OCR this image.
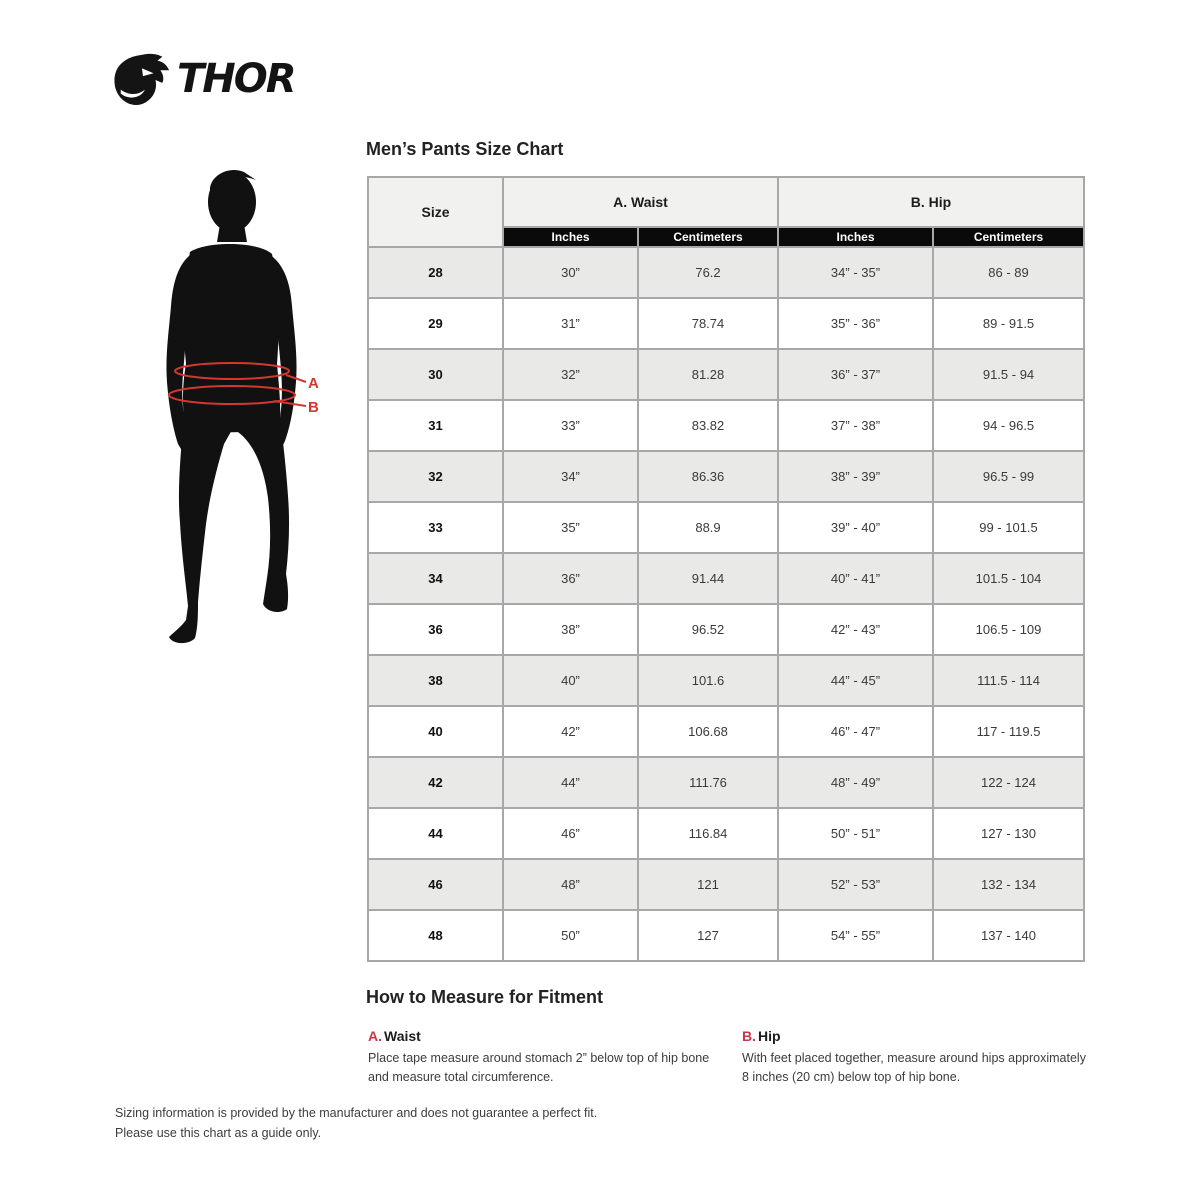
THOR
Men’s Pants Size Chart
A
B
Size	A. Waist		B. Hip	
	Inches	Centimeters	Inches	Centimeters
28	30”	76.2	34” - 35”	86 - 89
29	31”	78.74	35” - 36”	89 - 91.5
30	32”	81.28	36” - 37”	91.5 - 94
31	33”	83.82	37” - 38”	94 - 96.5
32	34”	86.36	38” - 39”	96.5 - 99
33	35”	88.9	39” - 40”	99 - 101.5
34	36”	91.44	40” - 41”	101.5 - 104
36	38”	96.52	42” - 43”	106.5 - 109
38	40”	101.6	44” - 45”	111.5 - 114
40	42”	106.68	46” - 47”	117 - 119.5
42	44”	111.76	48” - 49”	122 - 124
44	46”	116.84	50” - 51”	127 - 130
46	48”	121	52” - 53”	132 - 134
48	50”	127	54” - 55”	137 - 140
How to Measure for Fitment
A. Waist
Place tape measure around stomach 2” below top of hip bone and measure total circumference.
B. Hip
With feet placed together, measure around hips approximately 8 inches (20 cm) below top of hip bone.
Sizing information is provided by the manufacturer and does not guarantee a perfect fit.
Please use this chart as a guide only.
